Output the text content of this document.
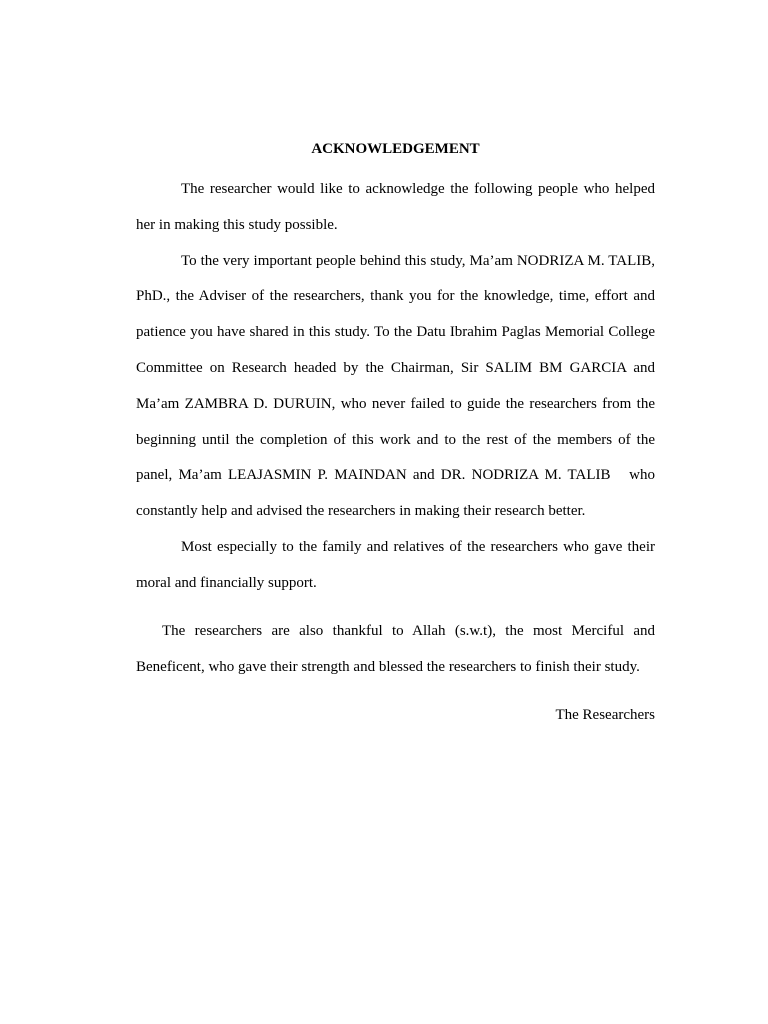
ACKNOWLEDGEMENT

The researcher would like to acknowledge the following people who helped her in making this study possible.

To the very important people behind this study, Ma’am NODRIZA M. TALIB, PhD., the Adviser of the researchers, thank you for the knowledge, time, effort and patience you have shared in this study. To the Datu Ibrahim Paglas Memorial College Committee on Research headed by the Chairman, Sir SALIM BM GARCIA and Ma’am ZAMBRA D. DURUIN, who never failed to guide the researchers from the beginning until the completion of this work and to the rest of the members of the panel, Ma’am LEAJASMIN P. MAINDAN and DR. NODRIZA M. TALIB   who constantly help and advised the researchers in making their research better.

Most especially to the family and relatives of the researchers who gave their moral and financially support.

The researchers are also thankful to Allah (s.w.t), the most Merciful and Beneficent, who gave their strength and blessed the researchers to finish their study.

The Researchers
